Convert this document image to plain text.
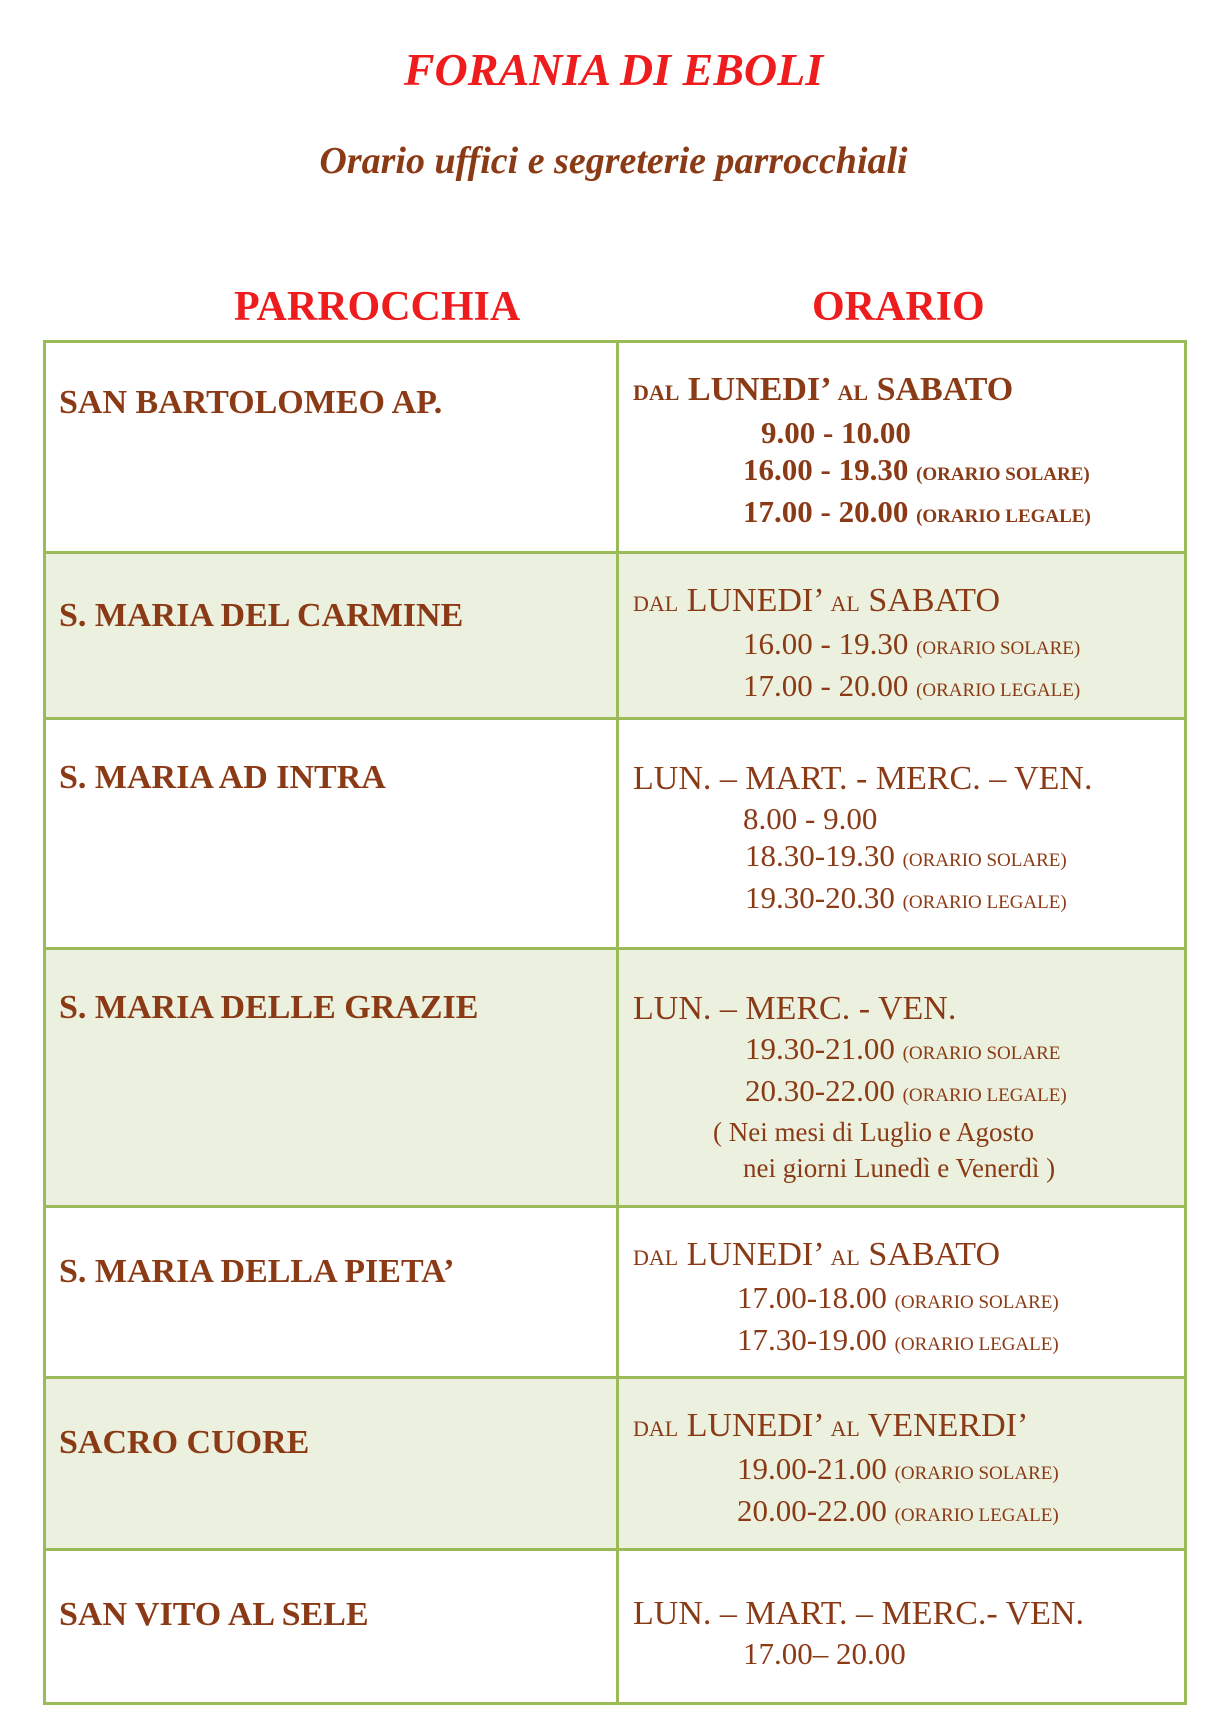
FORANIA DI EBOLI
Orario uffici e segreterie parrocchiali
PARROCCHIA	ORARIO
SAN BARTOLOMEO AP.	DAL LUNEDI’ AL SABATO
9.00 - 10.00
16.00 - 19.30 (ORARIO SOLARE)
17.00 - 20.00 (ORARIO LEGALE)

S. MARIA DEL CARMINE	DAL LUNEDI’ AL SABATO
16.00 - 19.30 (ORARIO SOLARE)
17.00 - 20.00 (ORARIO LEGALE)

S. MARIA AD INTRA	LUN. – MART. - MERC. – VEN.
8.00 - 9.00
18.30-19.30 (ORARIO SOLARE)
19.30-20.30 (ORARIO LEGALE)

S. MARIA DELLE GRAZIE	LUN. – MERC. - VEN.
19.30-21.00 (ORARIO SOLARE
20.30-22.00 (ORARIO LEGALE)
( Nei mesi di Luglio e Agosto
nei giorni Lunedì e Venerdì )

S. MARIA DELLA PIETA’	DAL LUNEDI’ AL SABATO
17.00-18.00 (ORARIO SOLARE)
17.30-19.00 (ORARIO LEGALE)

SACRO CUORE	DAL LUNEDI’ AL VENERDI’
19.00-21.00 (ORARIO SOLARE)
20.00-22.00 (ORARIO LEGALE)

SAN VITO AL SELE	LUN. – MART. – MERC.- VEN.
17.00– 20.00
